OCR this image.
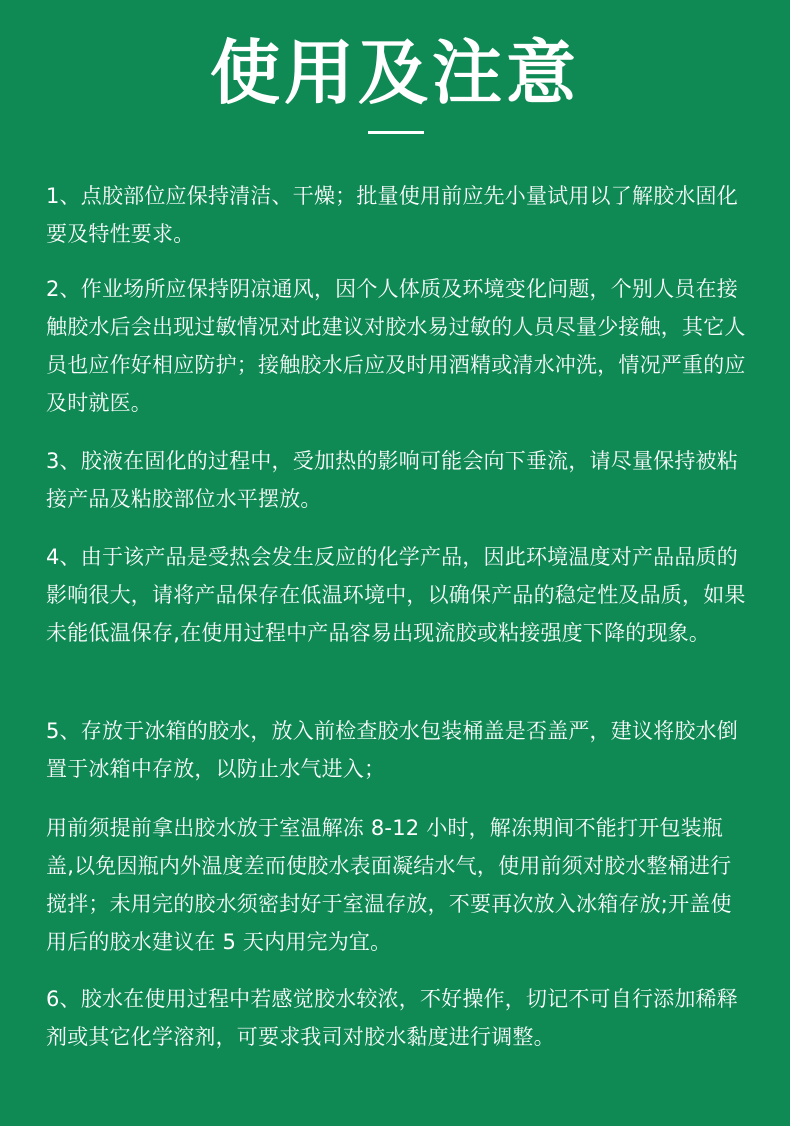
使用及注意

1、点胶部位应保持清洁、干燥；批量使用前应先小量试用以了解胶水固化要及特性要求。

2、作业场所应保持阴凉通风，因个人体质及环境变化问题，个别人员在接触胶水后会出现过敏情况对此建议对胶水易过敏的人员尽量少接触，其它人员也应作好相应防护；接触胶水后应及时用酒精或清水冲洗，情况严重的应及时就医。

3、胶液在固化的过程中，受加热的影响可能会向下垂流，请尽量保持被粘接产品及粘胶部位水平摆放。

4、由于该产品是受热会发生反应的化学产品，因此环境温度对产品品质的影响很大，请将产品保存在低温环境中，以确保产品的稳定性及品质，如果未能低温保存,在使用过程中产品容易出现流胶或粘接强度下降的现象。

5、存放于冰箱的胶水，放入前检查胶水包装桶盖是否盖严，建议将胶水倒置于冰箱中存放，以防止水气进入；

用前须提前拿出胶水放于室温解冻 8-12 小时，解冻期间不能打开包装瓶盖,以免因瓶内外温度差而使胶水表面凝结水气，使用前须对胶水整桶进行搅拌；未用完的胶水须密封好于室温存放，不要再次放入冰箱存放;开盖使用后的胶水建议在 5 天内用完为宜。

6、胶水在使用过程中若感觉胶水较浓，不好操作，切记不可自行添加稀释剂或其它化学溶剂，可要求我司对胶水黏度进行调整。
